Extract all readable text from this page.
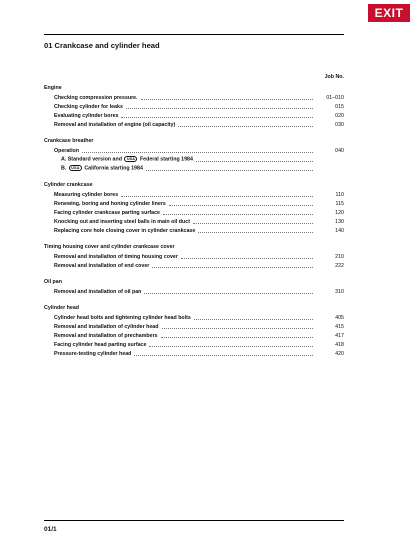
EXIT
01 Crankcase and cylinder head
Job No.
Engine
Checking compression pressure.	01–010
Checking cylinder for leaks	015
Evaluating cylinder bores	020
Removal and installation of engine (oil capacity)	030
Crankcase breather
Operation	040
A. Standard version and USA Federal starting 1984
B. USA California starting 1984
Cylinder crankcase
Measuring cylinder bores	110
Renewing, boring and honing cylinder liners	115
Facing cylinder crankcase parting surface	120
Knocking out and inserting steel balls in main oil duct	130
Replacing core hole closing cover in cylinder crankcase	140
Timing housing cover and cylinder crankcase cover
Removal and installation of timing housing cover	210
Removal and installation of end cover	222
Oil pan
Removal and installation of oil pan	310
Cylinder head
Cylinder head bolts and tightening cylinder head bolts	405
Removal and installation of cylinder head	415
Removal and installation of prechambers	417
Facing cylinder head parting surface	418
Pressure-testing cylinder head	420
01/1
